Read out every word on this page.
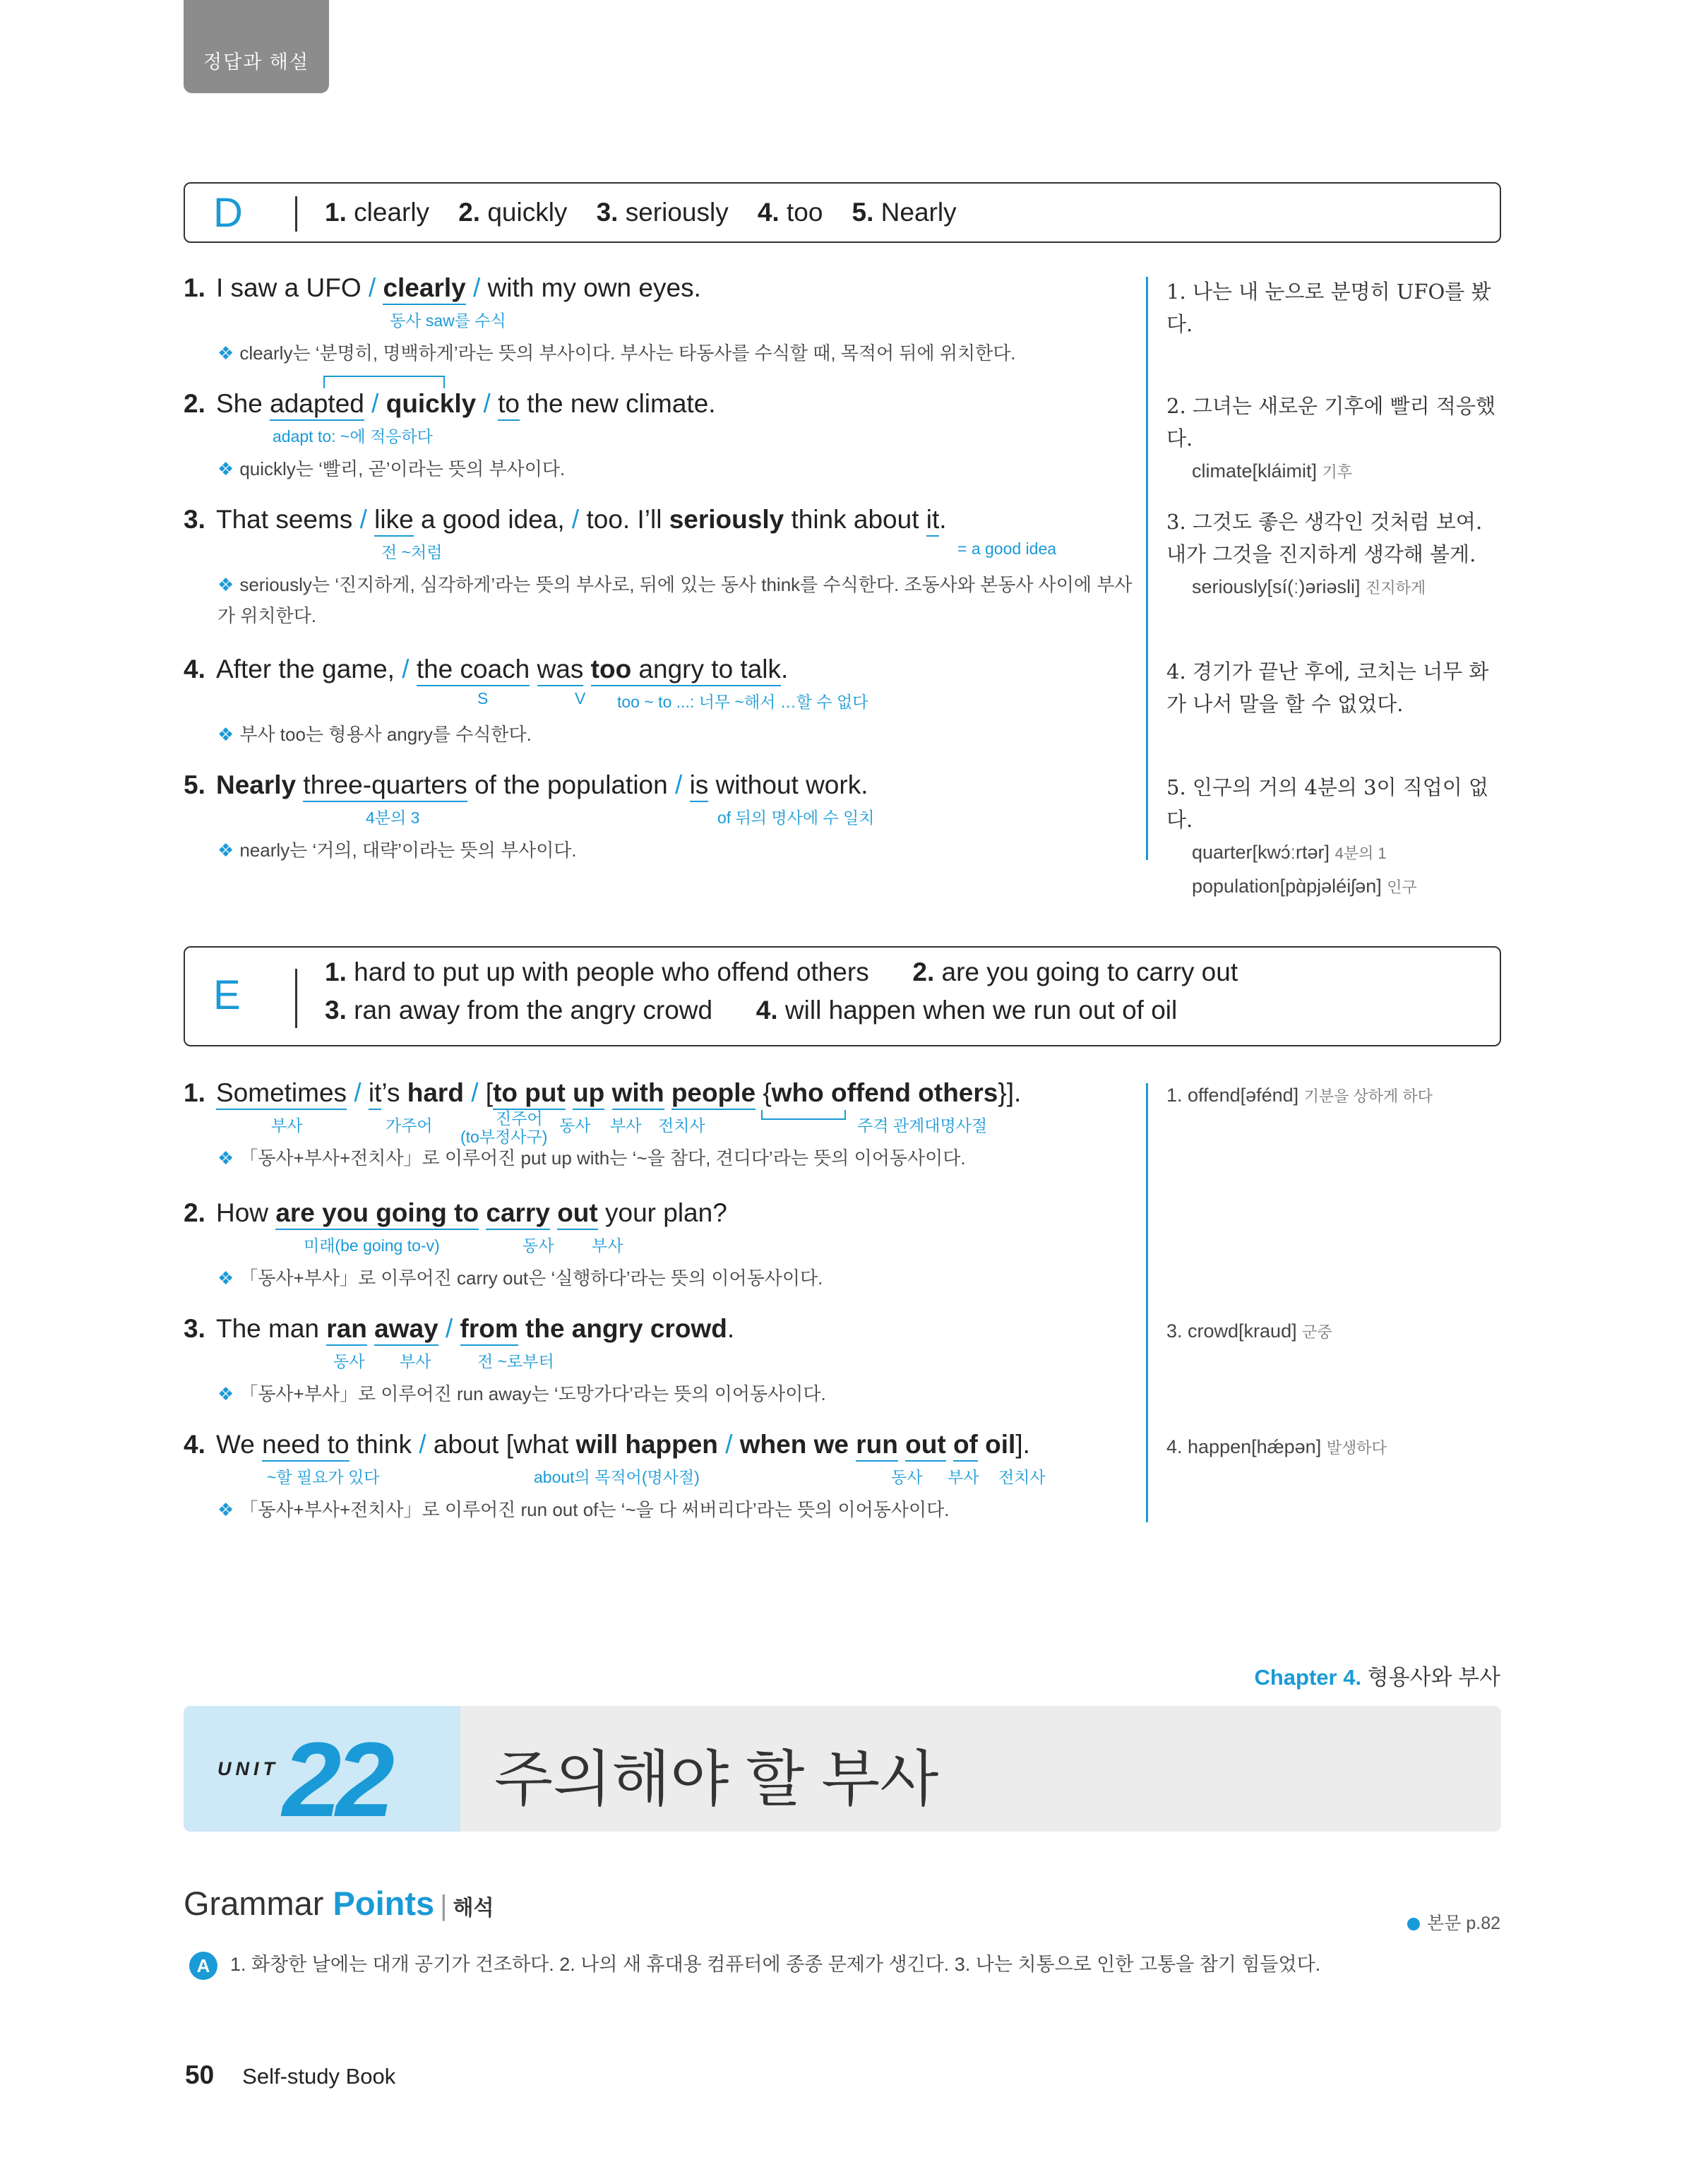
정답과 해설
D	1. clearly 2. quickly 3. seriously 4. too 5. Nearly
1. I saw a UFO / clearly / with my own eyes.
동사 saw를 수식
❖ clearly는 ‘분명히, 명백하게’라는 뜻의 부사이다. 부사는 타동사를 수식할 때, 목적어 뒤에 위치한다.
1. 나는 내 눈으로 분명히 UFO를 봤다.
2. She adapted / quickly / to the new climate.
adapt to: ~에 적응하다
❖ quickly는 ‘빨리, 곧’이라는 뜻의 부사이다.
2. 그녀는 새로운 기후에 빨리 적응했다.
climate[kláimit] 기후
3. That seems / like a good idea, / too. I’ll seriously think about it.
전 ~처럼	= a good idea
❖ seriously는 ‘진지하게, 심각하게’라는 뜻의 부사로, 뒤에 있는 동사 think를 수식한다. 조동사와 본동사 사이에 부사가 위치한다.
3. 그것도 좋은 생각인 것처럼 보여. 내가 그것을 진지하게 생각해 볼게.
seriously[sí(ː)əriəsli] 진지하게
4. After the game, / the coach was too angry to talk.
S	V too ~ to ...: 너무 ~해서 …할 수 없다
❖ 부사 too는 형용사 angry를 수식한다.
4. 경기가 끝난 후에, 코치는 너무 화가 나서 말을 할 수 없었다.
5. Nearly three-quarters of the population / is without work.
4분의 3	of 뒤의 명사에 수 일치
❖ nearly는 ‘거의, 대략’이라는 뜻의 부사이다.
5. 인구의 거의 4분의 3이 직업이 없다.
quarter[kwɔ́ːrtər] 4분의 1
population[pɑ̀pjəléiʃən] 인구
E
1. hard to put up with people who offend others 2. are you going to carry out
3. ran away from the angry crowd 4. will happen when we run out of oil
1. Sometimes / it’s hard / [to put up with people {who offend others}].
부사	가주어	진주어
(to부정사구)
동사 부사 전치사	주격 관계대명사절
❖ 「동사+부사+전치사」로 이루어진 put up with는 ‘~을 참다, 견디다’라는 뜻의 이어동사이다.
1. offend[əfénd] 기분을 상하게 하다
2. How are you going to carry out your plan?
미래(be going to-v)	동사 부사
❖ 「동사+부사」로 이루어진 carry out은 ‘실행하다’라는 뜻의 이어동사이다.
3. The man ran away / from the angry crowd.
동사 부사	전 ~로부터
❖ 「동사+부사」로 이루어진 run away는 ‘도망가다’라는 뜻의 이어동사이다.
3. crowd[kraud] 군중
4. We need to think / about [what will happen / when we run out of oil].
~할 필요가 있다	about의 목적어(명사절)	동사 부사 전치사
❖ 「동사+부사+전치사」로 이루어진 run out of는 ‘~을 다 써버리다’라는 뜻의 이어동사이다.
4. happen[hǽpən] 발생하다
Chapter 4. 형용사와 부사
UNIT 22 주의해야 할 부사
Grammar Points | 해석
본문 p.82
A 1. 화창한 날에는 대개 공기가 건조하다. 2. 나의 새 휴대용 컴퓨터에 종종 문제가 생긴다. 3. 나는 치통으로 인한 고통을 참기 힘들었다.
50 Self-study Book
